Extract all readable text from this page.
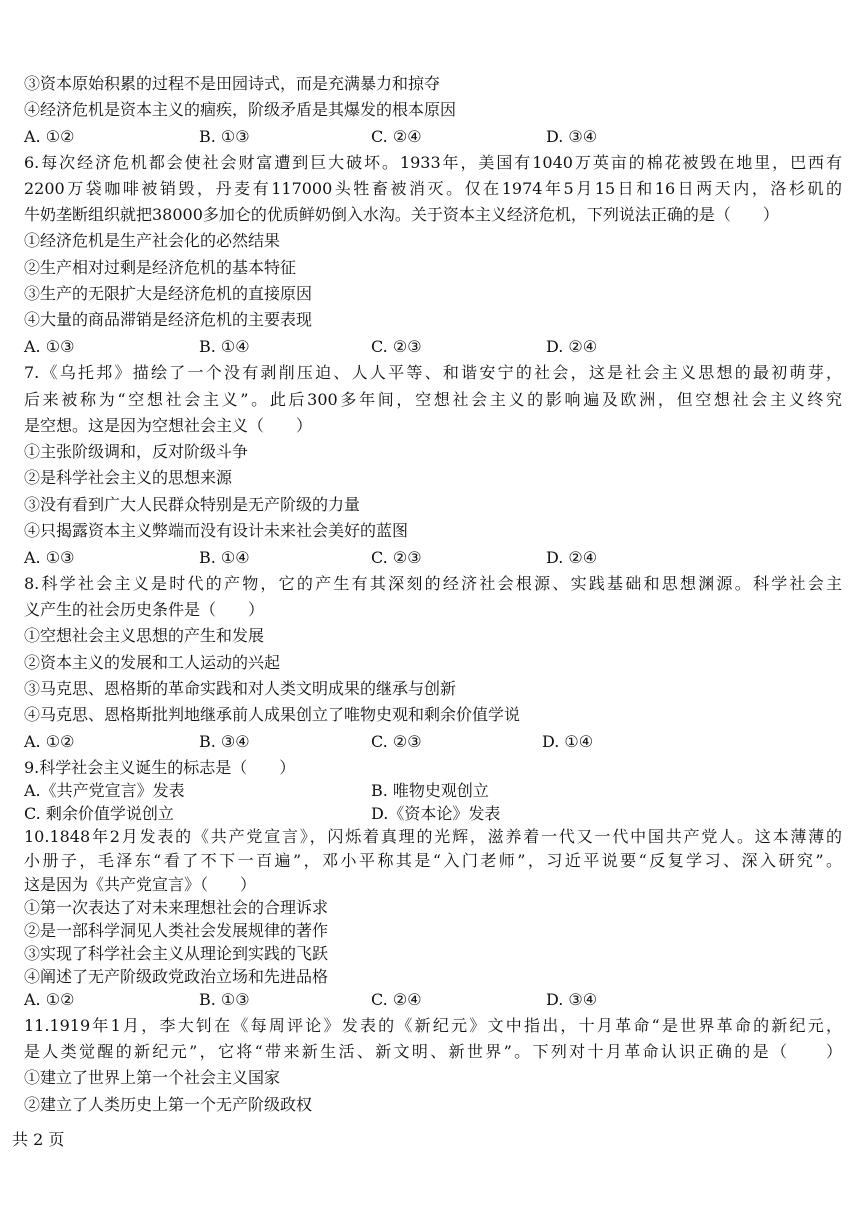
③资本原始积累的过程不是田园诗式，而是充满暴力和掠夺
④经济危机是资本主义的痼疾，阶级矛盾是其爆发的根本原因
A. ①②	B. ①③	C. ②④	D. ③④
6.每次经济危机都会使社会财富遭到巨大破坏。1933年，美国有1040万英亩的棉花被毁在地里，巴西有
2200万袋咖啡被销毁，丹麦有117000头牲畜被消灭。仅在1974年5月15日和16日两天内，洛杉矶的
牛奶垄断组织就把38000多加仑的优质鲜奶倒入水沟。关于资本主义经济危机，下列说法正确的是（　　）
①经济危机是生产社会化的必然结果
②生产相对过剩是经济危机的基本特征
③生产的无限扩大是经济危机的直接原因
④大量的商品滞销是经济危机的主要表现
A. ①③	B. ①④	C. ②③	D. ②④
7.《乌托邦》描绘了一个没有剥削压迫、人人平等、和谐安宁的社会，这是社会主义思想的最初萌芽，
后来被称为“空想社会主义”。此后300多年间，空想社会主义的影响遍及欧洲，但空想社会主义终究
是空想。这是因为空想社会主义（　　）
①主张阶级调和，反对阶级斗争
②是科学社会主义的思想来源
③没有看到广大人民群众特别是无产阶级的力量
④只揭露资本主义弊端而没有设计未来社会美好的蓝图
A. ①③	B. ①④	C. ②③	D. ②④
8.科学社会主义是时代的产物，它的产生有其深刻的经济社会根源、实践基础和思想渊源。科学社会主
义产生的社会历史条件是（　　）
①空想社会主义思想的产生和发展
②资本主义的发展和工人运动的兴起
③马克思、恩格斯的革命实践和对人类文明成果的继承与创新
④马克思、恩格斯批判地继承前人成果创立了唯物史观和剩余价值学说
A. ①②	B. ③④	C. ②③	D. ①④
9.科学社会主义诞生的标志是（　　）
A.《共产党宣言》发表	B. 唯物史观创立
C. 剩余价值学说创立	D.《资本论》发表
10.1848年2月发表的《共产党宣言》，闪烁着真理的光辉，滋养着一代又一代中国共产党人。这本薄薄的
小册子，毛泽东“看了不下一百遍”，邓小平称其是“入门老师”，习近平说要“反复学习、深入研究”。
这是因为《共产党宣言》（　　）
①第一次表达了对未来理想社会的合理诉求
②是一部科学洞见人类社会发展规律的著作
③实现了科学社会主义从理论到实践的飞跃
④阐述了无产阶级政党政治立场和先进品格
A. ①②	B. ①③	C. ②④	D. ③④
11.1919年1月，李大钊在《每周评论》发表的《新纪元》文中指出，十月革命“是世界革命的新纪元，
是人类觉醒的新纪元”，它将“带来新生活、新文明、新世界”。下列对十月革命认识正确的是（　　）
①建立了世界上第一个社会主义国家
②建立了人类历史上第一个无产阶级政权
共 2 页
